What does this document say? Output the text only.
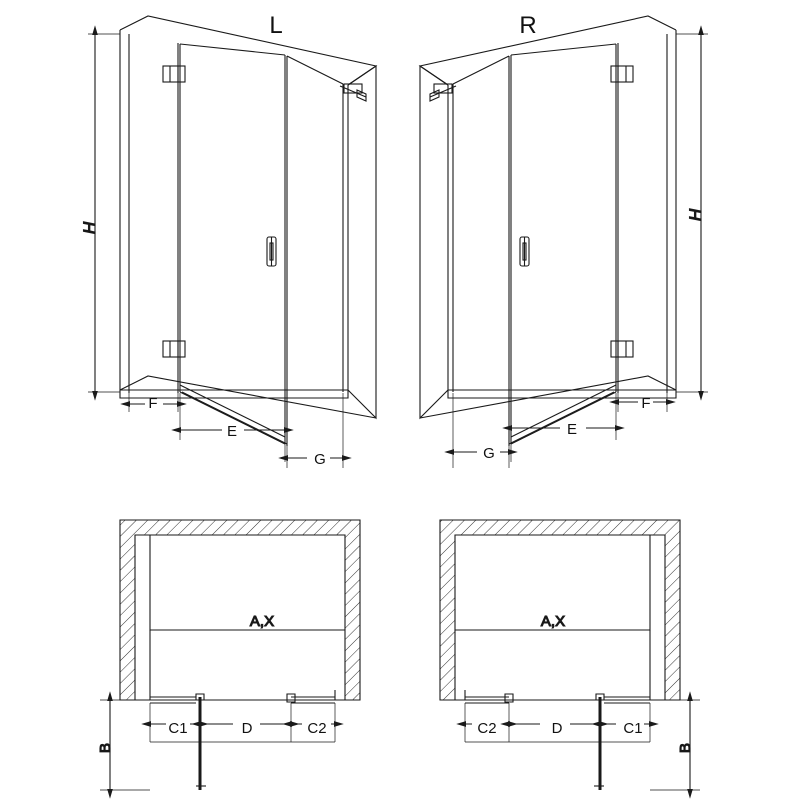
H
H
A,X
B
A,X
B
L	R
F
E
G	G
E
F
C1	D	C2	C2	D	C1
